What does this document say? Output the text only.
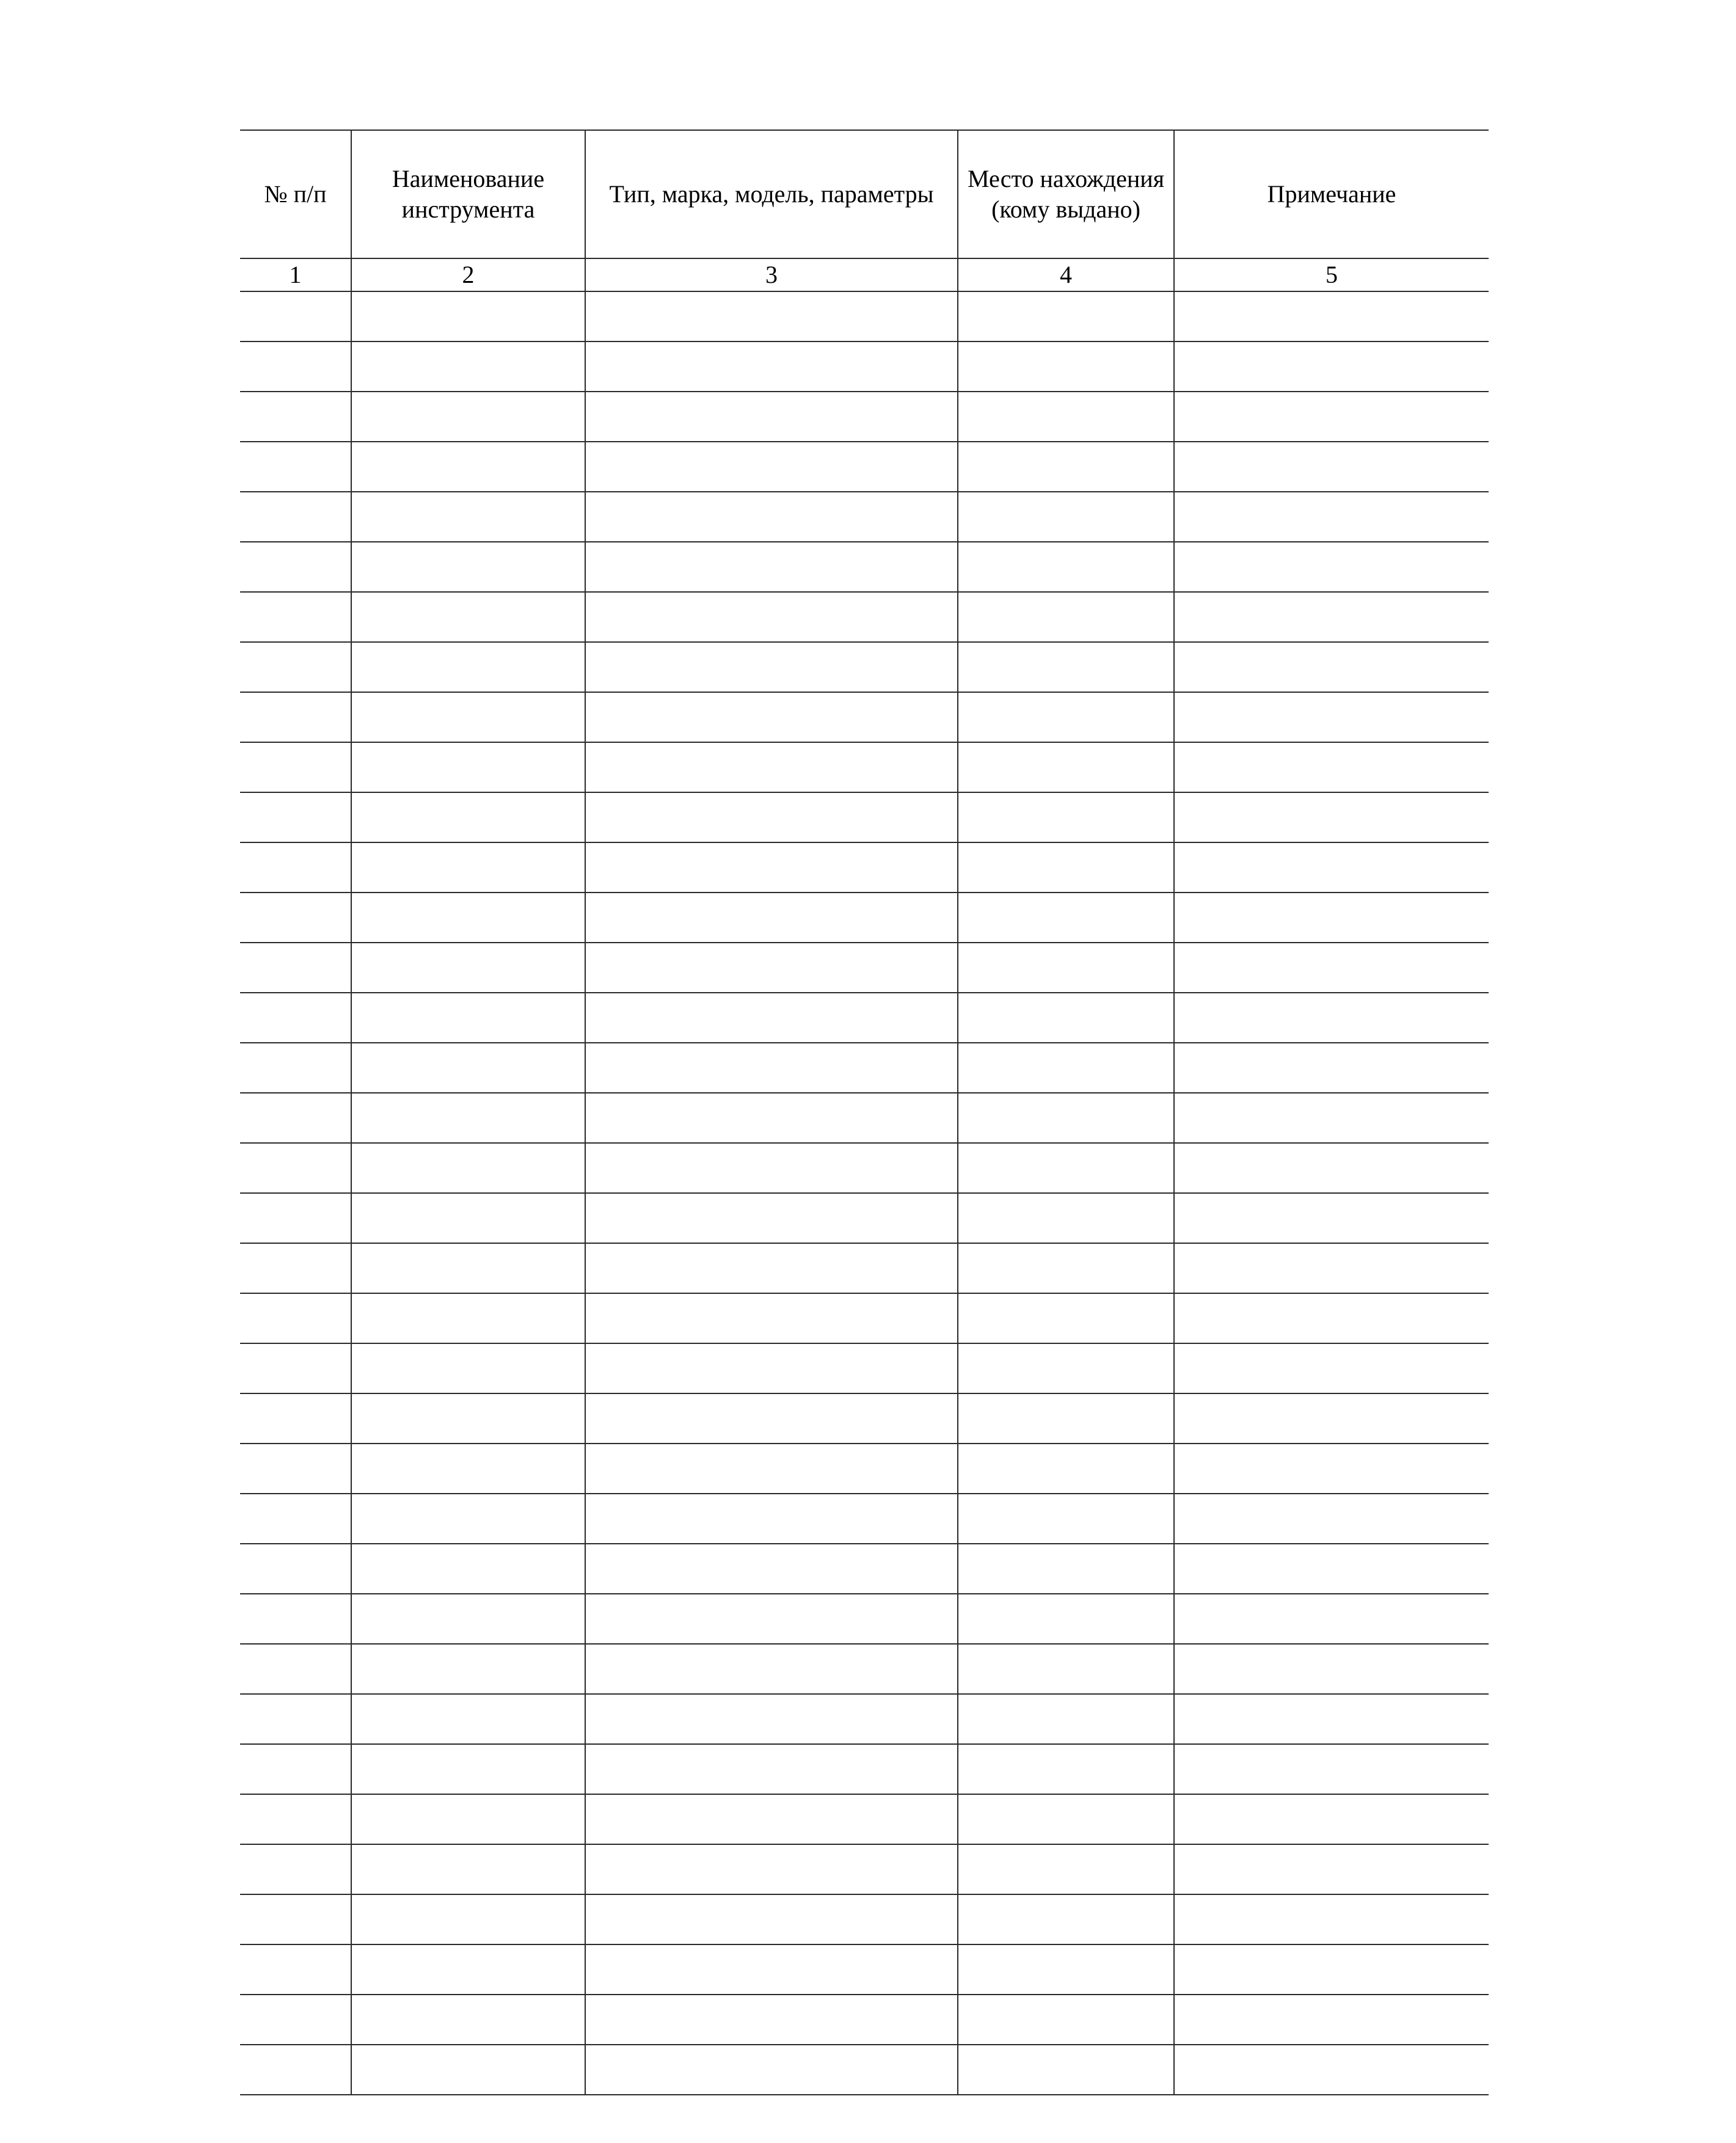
№ п/п	Наименование инструмента	Тип, марка, модель, параметры	Место нахождения (кому выдано)	Примечание
1	2	3	4	5
